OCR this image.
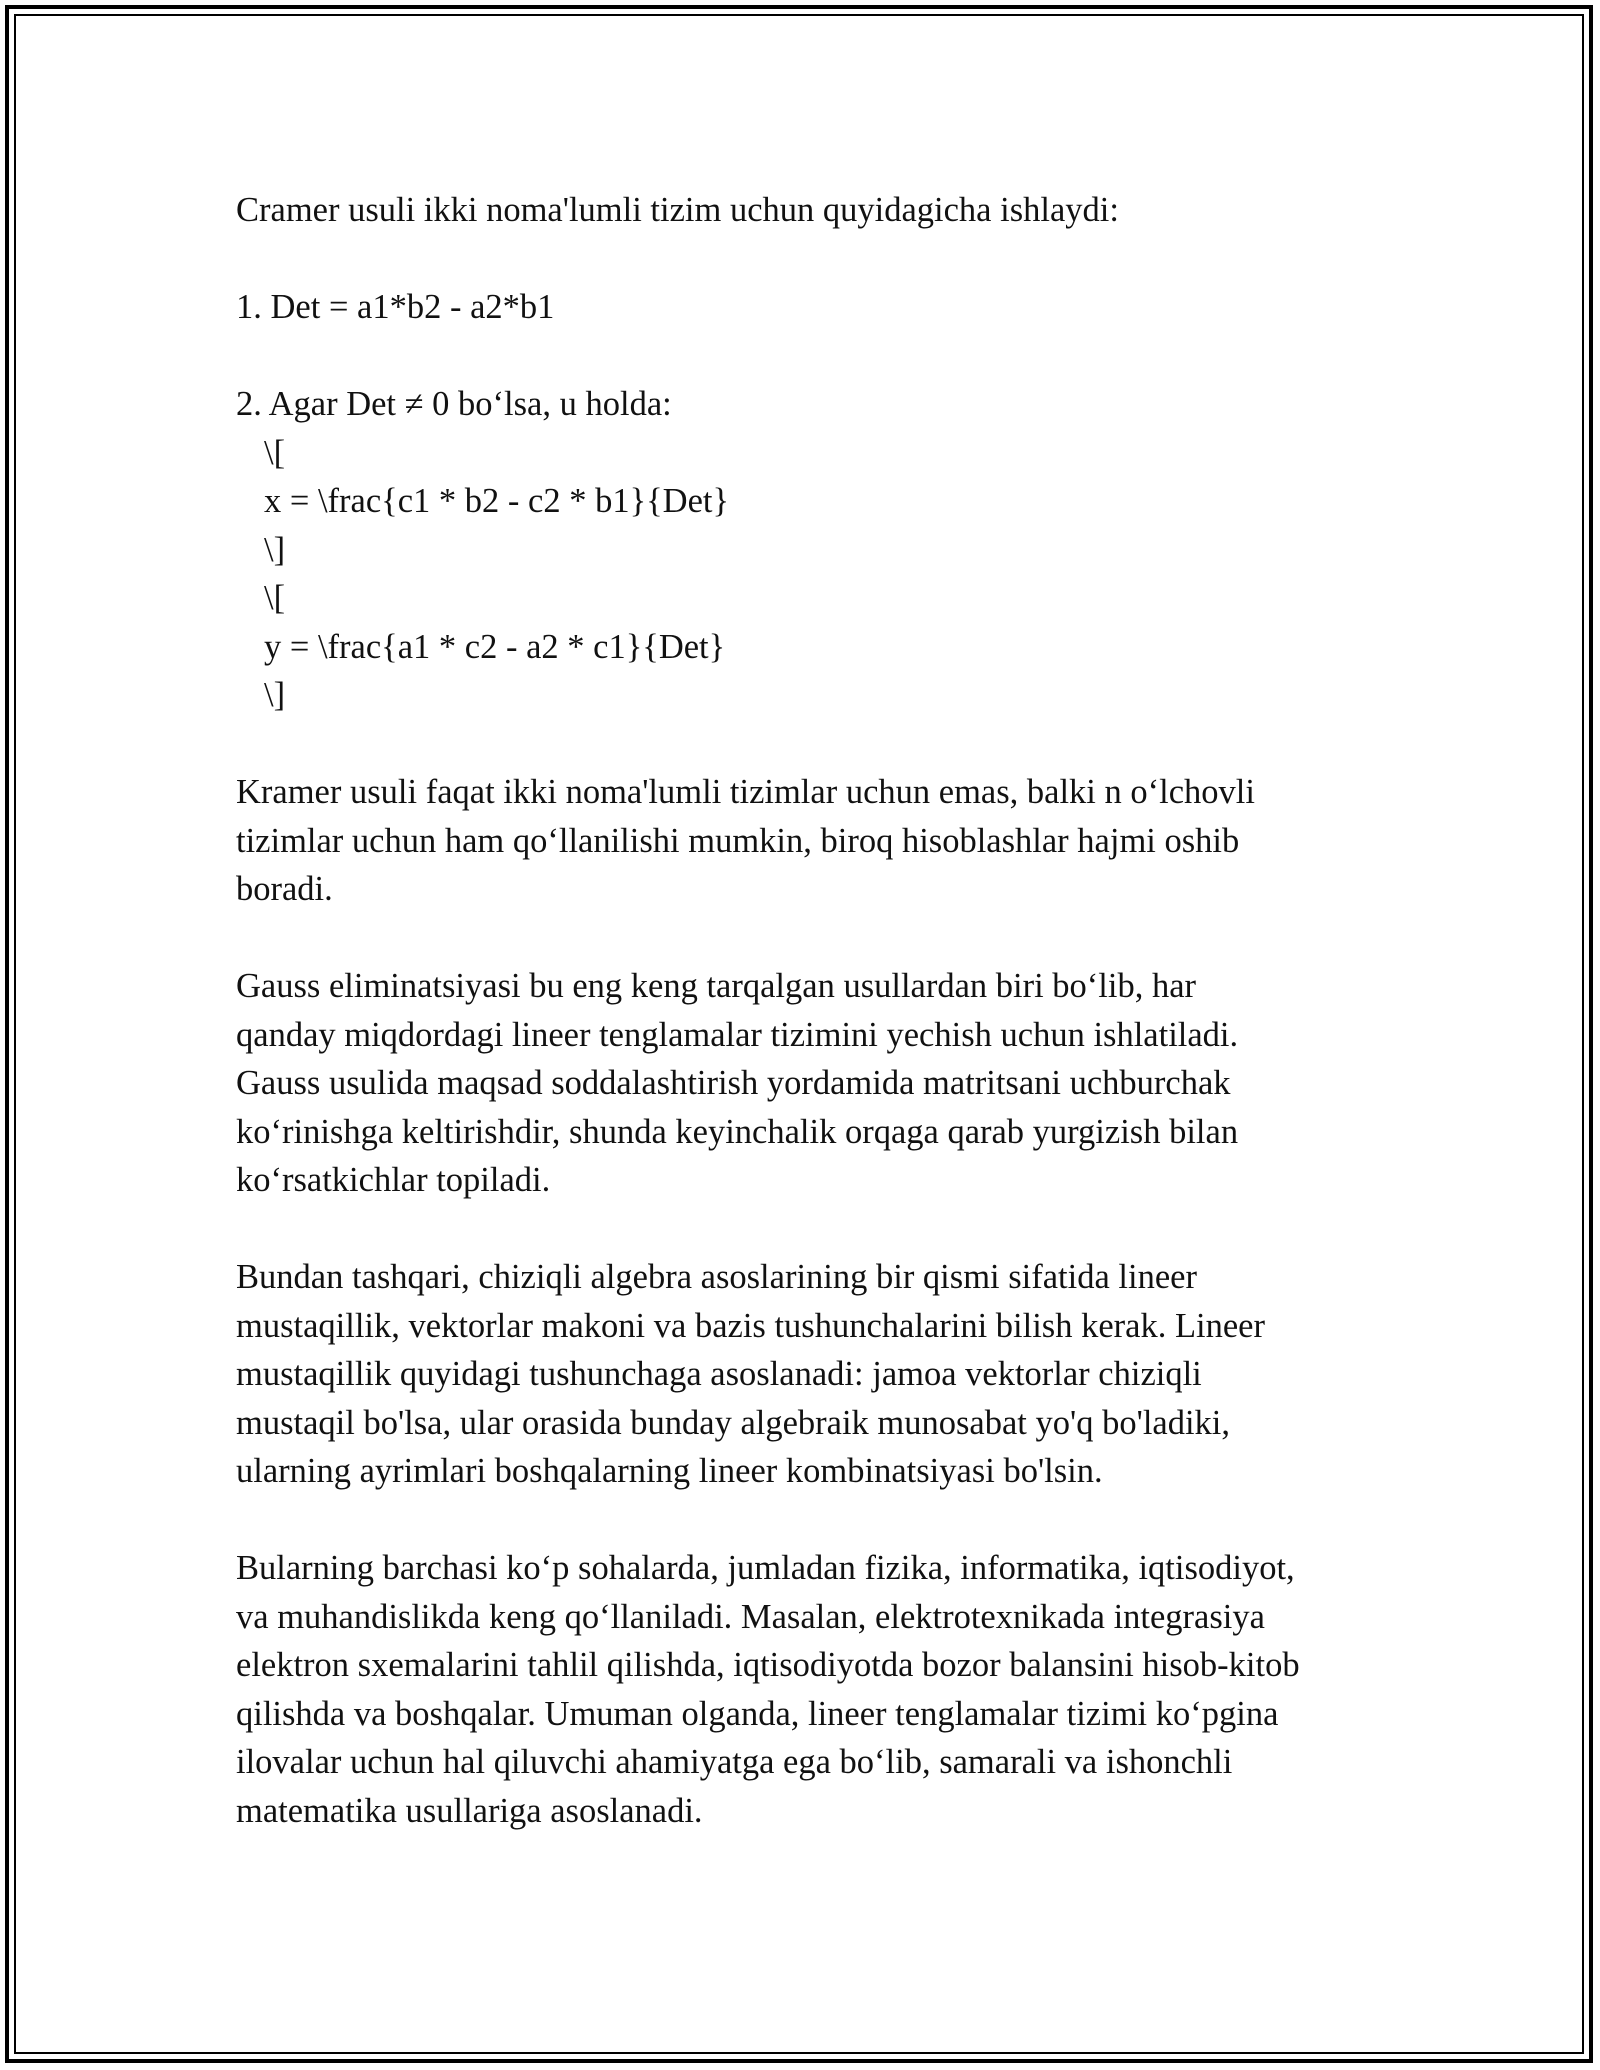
Cramer usuli ikki noma'lumli tizim uchun quyidagicha ishlaydi:
1. Det = a1*b2 - a2*b1
2. Agar Det ≠ 0 bo‘lsa, u holda:
\[
x = \frac{c1 * b2 - c2 * b1}{Det}
\]
\[
y = \frac{a1 * c2 - a2 * c1}{Det}
\]
Kramer usuli faqat ikki noma'lumli tizimlar uchun emas, balki n o‘lchovli
tizimlar uchun ham qo‘llanilishi mumkin, biroq hisoblashlar hajmi oshib
boradi.
Gauss eliminatsiyasi bu eng keng tarqalgan usullardan biri bo‘lib, har
qanday miqdordagi lineer tenglamalar tizimini yechish uchun ishlatiladi.
Gauss usulida maqsad soddalashtirish yordamida matritsani uchburchak
ko‘rinishga keltirishdir, shunda keyinchalik orqaga qarab yurgizish bilan
ko‘rsatkichlar topiladi.
Bundan tashqari, chiziqli algebra asoslarining bir qismi sifatida lineer
mustaqillik, vektorlar makoni va bazis tushunchalarini bilish kerak. Lineer
mustaqillik quyidagi tushunchaga asoslanadi: jamoa vektorlar chiziqli
mustaqil bo'lsa, ular orasida bunday algebraik munosabat yo'q bo'ladiki,
ularning ayrimlari boshqalarning lineer kombinatsiyasi bo'lsin.
Bularning barchasi ko‘p sohalarda, jumladan fizika, informatika, iqtisodiyot,
va muhandislikda keng qo‘llaniladi. Masalan, elektrotexnikada integrasiya
elektron sxemalarini tahlil qilishda, iqtisodiyotda bozor balansini hisob-kitob
qilishda va boshqalar. Umuman olganda, lineer tenglamalar tizimi ko‘pgina
ilovalar uchun hal qiluvchi ahamiyatga ega bo‘lib, samarali va ishonchli
matematika usullariga asoslanadi.
